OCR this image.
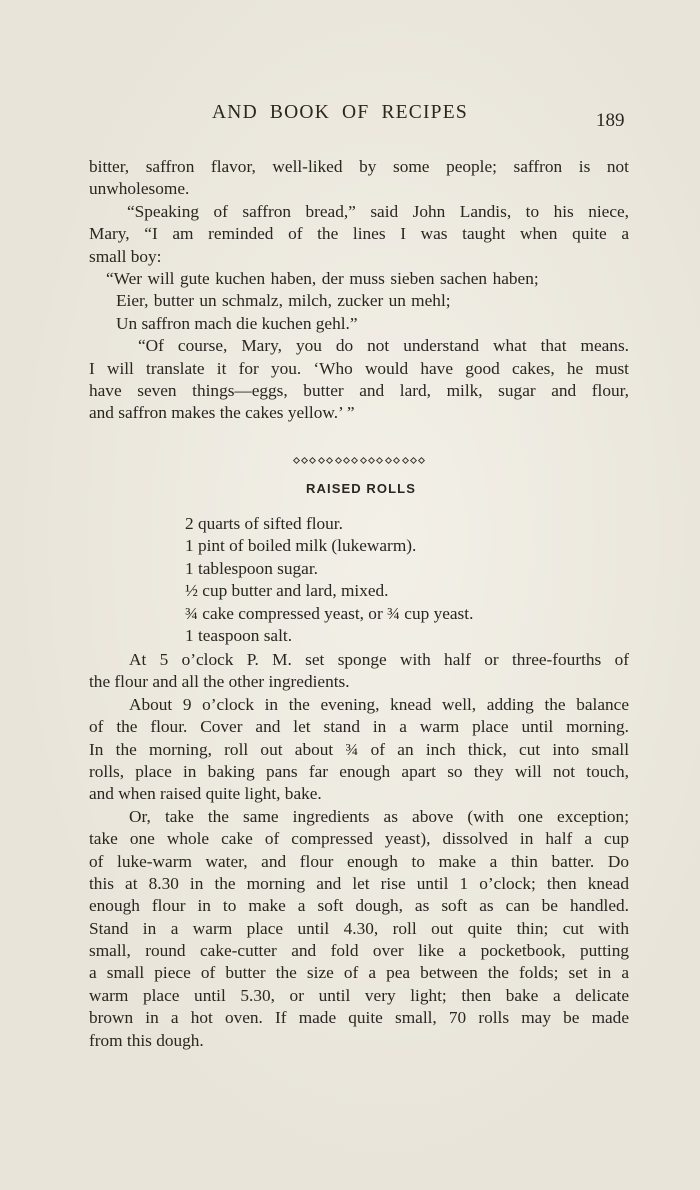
AND BOOK OF RECIPES	189
bitter, saffron flavor, well-liked by some people; saffron is not
unwholesome.
“Speaking of saffron bread,” said John Landis, to his niece,
Mary, “I am reminded of the lines I was taught when quite a
small boy:
“Wer will gute kuchen haben, der muss sieben sachen haben;
Eier, butter un schmalz, milch, zucker un mehl;
Un saffron mach die kuchen gehl.”
“Of course, Mary, you do not understand what that means.
I will translate it for you. ‘Who would have good cakes, he must
have seven things—eggs, butter and lard, milk, sugar and flour,
and saffron makes the cakes yellow.’ ”
RAISED ROLLS
2 quarts of sifted flour.
1 pint of boiled milk (lukewarm).
1 tablespoon sugar.
½ cup butter and lard, mixed.
¾ cake compressed yeast, or ¾ cup yeast.
1 teaspoon salt.
At 5 o’clock P. M. set sponge with half or three-fourths of
the flour and all the other ingredients.
About 9 o’clock in the evening, knead well, adding the balance
of the flour. Cover and let stand in a warm place until morning.
In the morning, roll out about ¾ of an inch thick, cut into small
rolls, place in baking pans far enough apart so they will not touch,
and when raised quite light, bake.
Or, take the same ingredients as above (with one exception;
take one whole cake of compressed yeast), dissolved in half a cup
of luke-warm water, and flour enough to make a thin batter. Do
this at 8.30 in the morning and let rise until 1 o’clock; then knead
enough flour in to make a soft dough, as soft as can be handled.
Stand in a warm place until 4.30, roll out quite thin; cut with
small, round cake-cutter and fold over like a pocketbook, putting
a small piece of butter the size of a pea between the folds; set in a
warm place until 5.30, or until very light; then bake a delicate
brown in a hot oven. If made quite small, 70 rolls may be made
from this dough.
